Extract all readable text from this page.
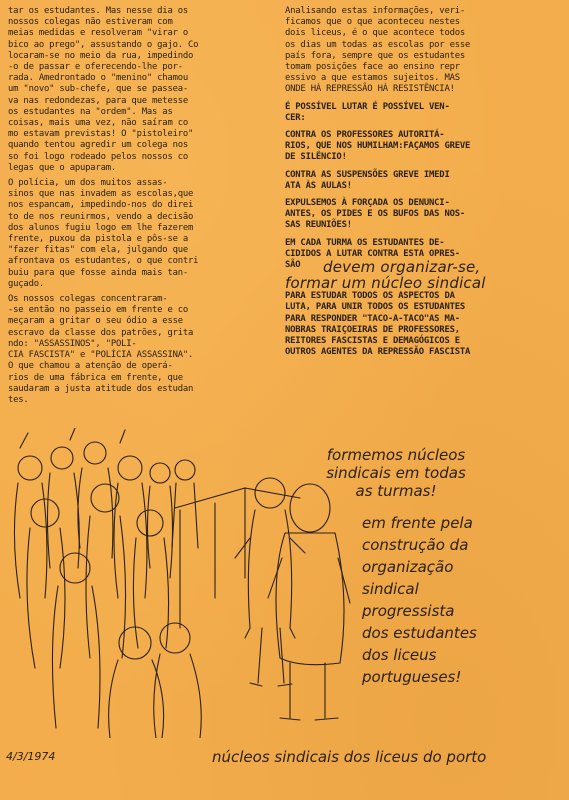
tar os estudantes. Mas nesse dia os
nossos colegas não estiveram com
meias medidas e resolveram "virar o
bico ao prego", assustando o gajo. Co
locaram-se no meio da rua, impedindo
-o de passar e oferecendo-lhe por-
rada. Amedrontado o "menino" chamou
um "novo" sub-chefe, que se passea-
va nas redondezas, para que metesse
os estudantes na "ordem". Mas as
coisas, mais uma vez, não saíram co
mo estavam previstas! O "pistoleiro"
quando tentou agredir um colega nos
so foi logo rodeado pelos nossos co
legas que o apuparam.

O polícia, um dos muitos assas-
sinos que nas invadem as escolas,que
nos espancam, impedindo-nos do direi
to de nos reunirmos, vendo a decisão
dos alunos fugiu logo em lhe fazerem
frente, puxou da pistola e pôs-se a
"fazer fitas" com ela, julgando que
afrontava os estudantes, o que contri
buiu para que fosse ainda mais tan-
guçado.

Os nossos colegas concentraram-
-se então no passeio em frente e co
meçaram a gritar o seu ódio a esse
escravo da classe dos patrões, grita
ndo: "ASSASSINOS", "POLI-
CIA FASCISTA" e "POLÍCIA ASSASSINA".

O que chamou a atenção de operá-
rios de uma fábrica em frente, que
saudaram a justa atitude dos estudan
tes.

Analisando estas informações, veri-
ficamos que o que aconteceu nestes
dois liceus, é o que acontece todos
os dias um todas as escolas por esse
país fora, sempre que os estudantes
tomam posições face ao ensino repr
essivo a que estamos sujeitos. MAS
ONDE HÁ REPRESSÃO HÁ RESISTÊNCIA!

É POSSÍVEL LUTAR É POSSÍVEL VEN-
CER:

CONTRA OS PROFESSORES AUTORITÁ-
RIOS, QUE NOS HUMILHAM:FAÇAMOS GREVE
DE SILÊNCIO!

CONTRA AS SUSPENSÕES GREVE IMEDI
ATA ÀS AULAS!

EXPULSEMOS À FORÇADA OS DENUNCI-
ANTES, OS PIDES E OS BUFOS DAS NOS-
SAS REUNIÕES!

EM CADA TURMA OS ESTUDANTES DE-
CIDIDOS A LUTAR CONTRA ESTA OPRES-
SÃO	devem organizar-se,
formar um núcleo sindical

PARA ESTUDAR TODOS OS ASPECTOS DA
LUTA, PARA UNIR TODOS OS ESTUDANTES
PARA RESPONDER "TACO-A-TACO"AS MA-
NOBRAS TRAIÇOEIRAS DE PROFESSORES,
REITORES FASCISTAS E DEMAGÓGICOS E
OUTROS AGENTES DA REPRESSÃO FASCISTA

formemos núcleos
sindicais em todas
as turmas!
em frente pela
construção da
organização
sindical
progressista
dos estudantes
dos liceus
portugueses!
4/3/1974	núcleos sindicais dos liceus do porto
